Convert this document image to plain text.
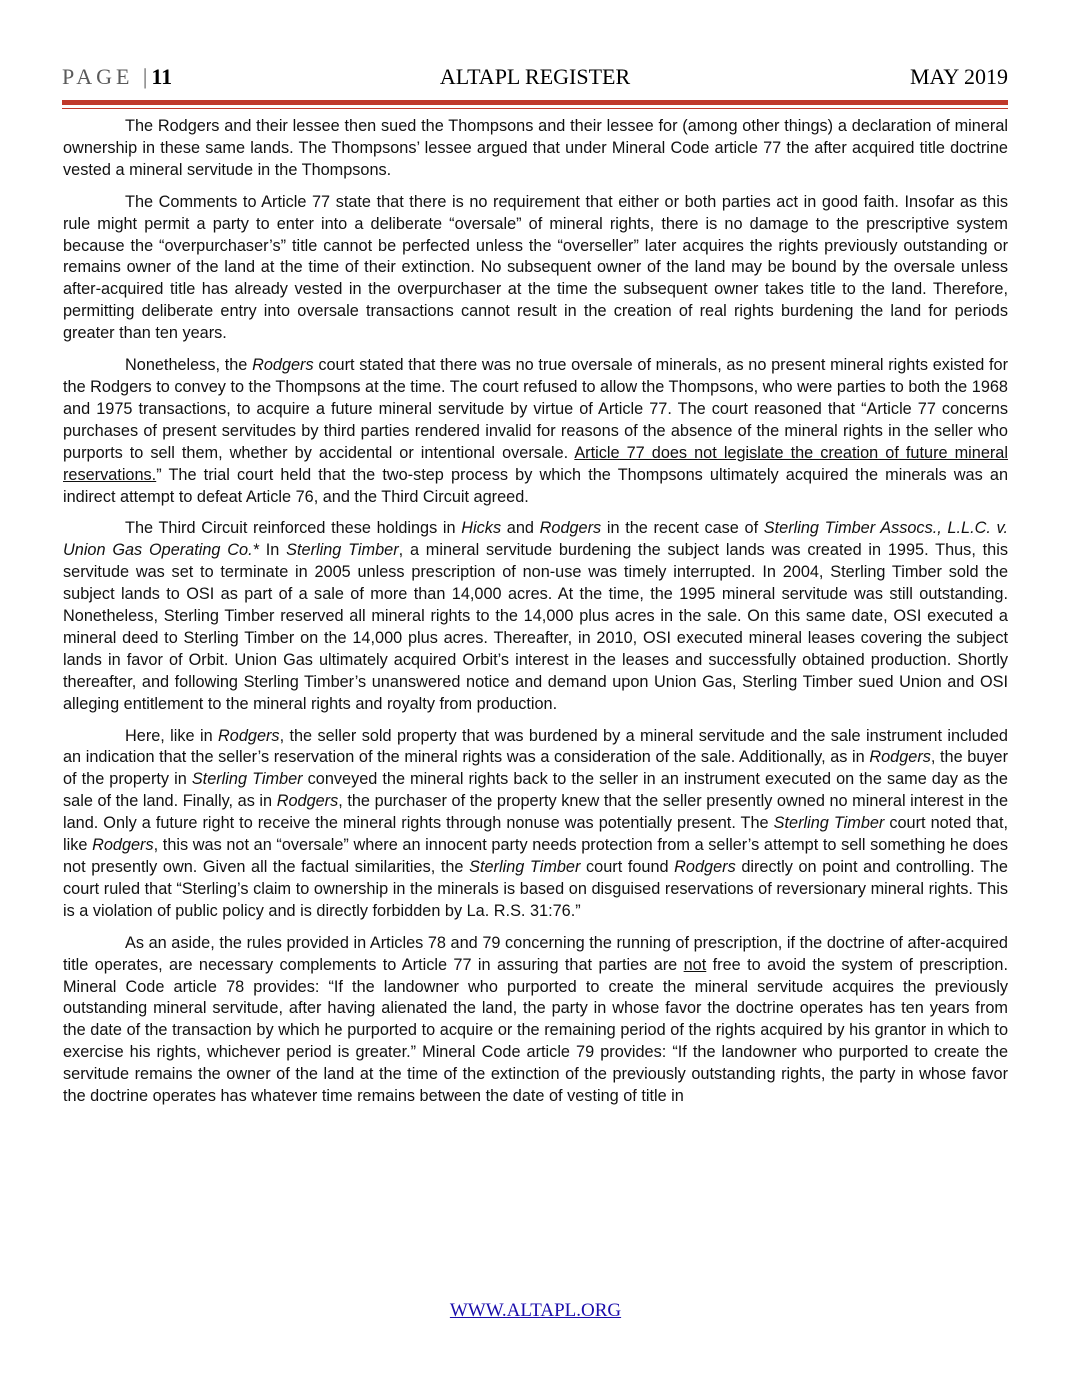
PAGE |11	ALTAPL REGISTER	MAY 2019

The Rodgers and their lessee then sued the Thompsons and their lessee for (among other things) a declaration of mineral ownership in these same lands. The Thompsons’ lessee argued that under Mineral Code article 77 the after acquired title doctrine vested a mineral servitude in the Thompsons.

The Comments to Article 77 state that there is no requirement that either or both parties act in good faith. Insofar as this rule might permit a party to enter into a deliberate “oversale” of mineral rights, there is no damage to the prescriptive system because the “overpurchaser’s” title cannot be perfected unless the “overseller” later acquires the rights previously outstanding or remains owner of the land at the time of their extinction. No subsequent owner of the land may be bound by the oversale unless after-acquired title has already vested in the overpurchaser at the time the subsequent owner takes title to the land. Therefore, permitting deliberate entry into oversale transactions cannot result in the creation of real rights burdening the land for periods greater than ten years.

Nonetheless, the Rodgers court stated that there was no true oversale of minerals, as no present mineral rights existed for the Rodgers to convey to the Thompsons at the time. The court refused to allow the Thompsons, who were parties to both the 1968 and 1975 transactions, to acquire a future mineral servitude by virtue of Article 77. The court reasoned that “Article 77 concerns purchases of present servitudes by third parties rendered invalid for reasons of the absence of the mineral rights in the seller who purports to sell them, whether by accidental or intentional oversale. Article 77 does not legislate the creation of future mineral reservations.” The trial court held that the two-step process by which the Thompsons ultimately acquired the minerals was an indirect attempt to defeat Article 76, and the Third Circuit agreed.

The Third Circuit reinforced these holdings in Hicks and Rodgers in the recent case of Sterling Timber Assocs., L.L.C. v. Union Gas Operating Co.* In Sterling Timber, a mineral servitude burdening the subject lands was created in 1995. Thus, this servitude was set to terminate in 2005 unless prescription of non-use was timely interrupted. In 2004, Sterling Timber sold the subject lands to OSI as part of a sale of more than 14,000 acres. At the time, the 1995 mineral servitude was still outstanding. Nonetheless, Sterling Timber reserved all mineral rights to the 14,000 plus acres in the sale. On this same date, OSI executed a mineral deed to Sterling Timber on the 14,000 plus acres. Thereafter, in 2010, OSI executed mineral leases covering the subject lands in favor of Orbit. Union Gas ultimately acquired Orbit’s interest in the leases and successfully obtained production. Shortly thereafter, and following Sterling Timber’s unanswered notice and demand upon Union Gas, Sterling Timber sued Union and OSI alleging entitlement to the mineral rights and royalty from production.

Here, like in Rodgers, the seller sold property that was burdened by a mineral servitude and the sale instrument included an indication that the seller’s reservation of the mineral rights was a consideration of the sale. Additionally, as in Rodgers, the buyer of the property in Sterling Timber conveyed the mineral rights back to the seller in an instrument executed on the same day as the sale of the land. Finally, as in Rodgers, the purchaser of the property knew that the seller presently owned no mineral interest in the land. Only a future right to receive the mineral rights through nonuse was potentially present. The Sterling Timber court noted that, like Rodgers, this was not an “oversale” where an innocent party needs protection from a seller’s attempt to sell something he does not presently own. Given all the factual similarities, the Sterling Timber court found Rodgers directly on point and controlling. The court ruled that “Sterling’s claim to ownership in the minerals is based on disguised reservations of reversionary mineral rights. This is a violation of public policy and is directly forbidden by La. R.S. 31:76.”

As an aside, the rules provided in Articles 78 and 79 concerning the running of prescription, if the doctrine of after-acquired title operates, are necessary complements to Article 77 in assuring that parties are not free to avoid the system of prescription. Mineral Code article 78 provides: “If the landowner who purported to create the mineral servitude acquires the previously outstanding mineral servitude, after having alienated the land, the party in whose favor the doctrine operates has ten years from the date of the transaction by which he purported to acquire or the remaining period of the rights acquired by his grantor in which to exercise his rights, whichever period is greater.” Mineral Code article 79 provides: “If the landowner who purported to create the servitude remains the owner of the land at the time of the extinction of the previously outstanding rights, the party in whose favor the doctrine operates has whatever time remains between the date of vesting of title in

WWW.ALTAPL.ORG
